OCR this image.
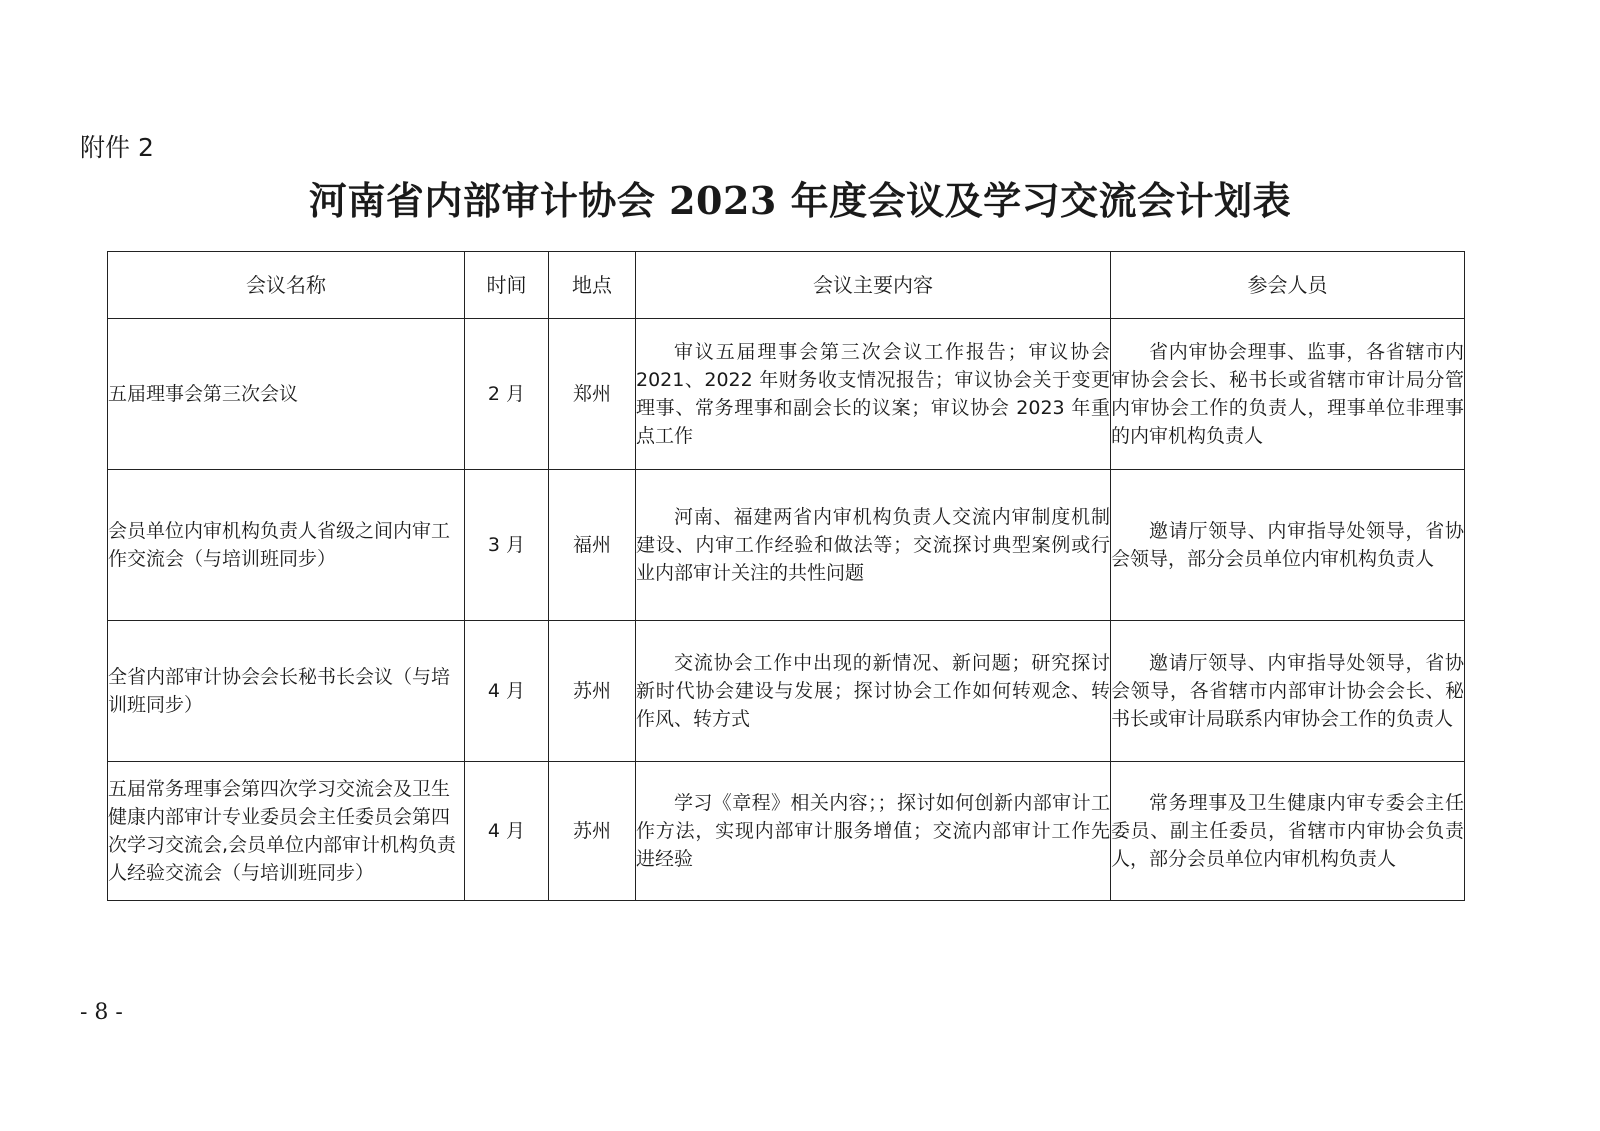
附件 2
河南省内部审计协会 2023 年度会议及学习交流会计划表
会议名称	时间	地点	会议主要内容	参会人员
五届理事会第三次会议	2 月	郑州	审议五届理事会第三次会议工作报告；审议协会 2021、2022 年财务收支情况报告；审议协会关于变更理事、常务理事和副会长的议案；审议协会 2023 年重点工作	省内审协会理事、监事，各省辖市内审协会会长、秘书长或省辖市审计局分管内审协会工作的负责人，理事单位非理事的内审机构负责人
会员单位内审机构负责人省级之间内审工作交流会（与培训班同步）	3 月	福州	河南、福建两省内审机构负责人交流内审制度机制建设、内审工作经验和做法等；交流探讨典型案例或行业内部审计关注的共性问题	邀请厅领导、内审指导处领导，省协会领导，部分会员单位内审机构负责人
全省内部审计协会会长秘书长会议（与培训班同步）	4 月	苏州	交流协会工作中出现的新情况、新问题；研究探讨新时代协会建设与发展；探讨协会工作如何转观念、转作风、转方式	邀请厅领导、内审指导处领导，省协会领导，各省辖市内部审计协会会长、秘书长或审计局联系内审协会工作的负责人
五届常务理事会第四次学习交流会及卫生健康内部审计专业委员会主任委员会第四次学习交流会,会员单位内部审计机构负责人经验交流会（与培训班同步）	4 月	苏州	学习《章程》相关内容；；探讨如何创新内部审计工作方法，实现内部审计服务增值；交流内部审计工作先进经验	常务理事及卫生健康内审专委会主任委员、副主任委员，省辖市内审协会负责人，部分会员单位内审机构负责人
- 8 -
